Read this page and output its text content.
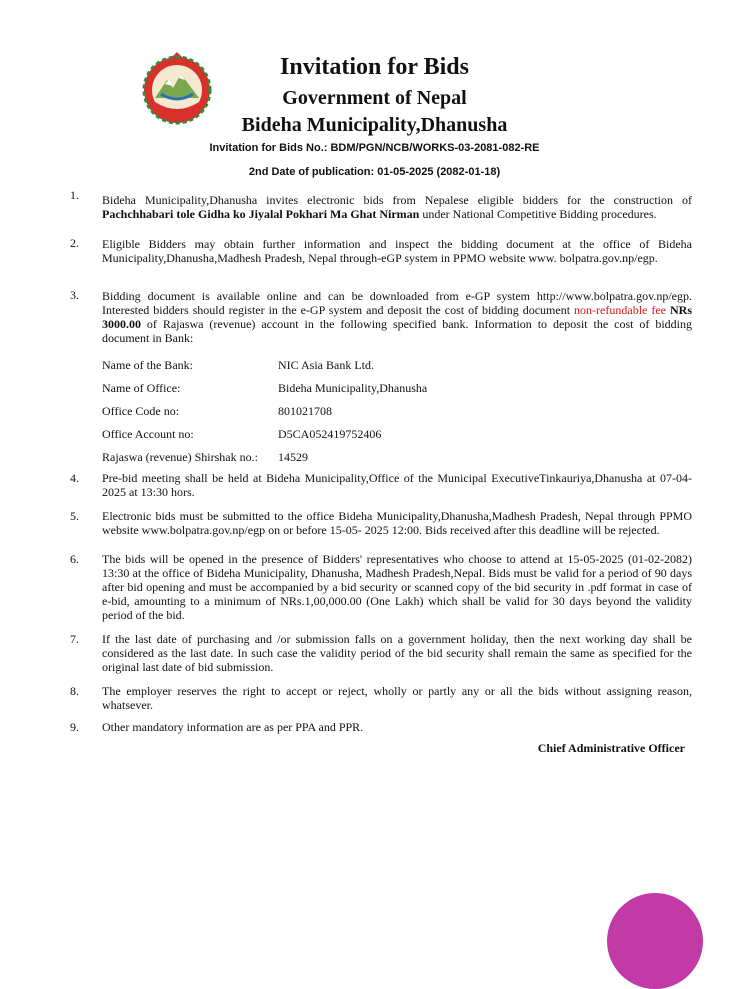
Invitation for Bids
Government of Nepal
Bideha Municipality,Dhanusha
Invitation for Bids No.: BDM/PGN/NCB/WORKS-03-2081-082-RE
2nd Date of publication: 01-05-2025 (2082-01-18)
1. Bideha Municipality,Dhanusha invites electronic bids from Nepalese eligible bidders for the construction of Pachchhabari tole Gidha ko Jiyalal Pokhari Ma Ghat Nirman under National Competitive Bidding procedures.
2. Eligible Bidders may obtain further information and inspect the bidding document at the office of Bideha Municipality,Dhanusha,Madhesh Pradesh, Nepal through-eGP system in PPMO website www. bolpatra.gov.np/egp.
3. Bidding document is available online and can be downloaded from e-GP system http://www.bolpatra.gov.np/egp. Interested bidders should register in the e-GP system and deposit the cost of bidding document non-refundable fee NRs 3000.00 of Rajaswa (revenue) account in the following specified bank. Information to deposit the cost of bidding document in Bank:
Name of the Bank:	NIC Asia Bank Ltd.
Name of Office:	Bideha Municipality,Dhanusha
Office Code no:	801021708
Office Account no:	D5CA052419752406
Rajaswa (revenue) Shirshak no.: 14529
4. Pre-bid meeting shall be held at Bideha Municipality,Office of the Municipal ExecutiveTinkauriya,Dhanusha at 07-04-2025 at 13:30 hors.
5. Electronic bids must be submitted to the office Bideha Municipality,Dhanusha,Madhesh Pradesh, Nepal through PPMO website www.bolpatra.gov.np/egp on or before 15-05- 2025 12:00. Bids received after this deadline will be rejected.
6. The bids will be opened in the presence of Bidders' representatives who choose to attend at 15-05-2025 (01-02-2082) 13:30 at the office of Bideha Municipality, Dhanusha, Madhesh Pradesh,Nepal. Bids must be valid for a period of 90 days after bid opening and must be accompanied by a bid security or scanned copy of the bid security in .pdf format in case of e-bid, amounting to a minimum of NRs.1,00,000.00 (One Lakh) which shall be valid for 30 days beyond the validity period of the bid.
7. If the last date of purchasing and /or submission falls on a government holiday, then the next working day shall be considered as the last date. In such case the validity period of the bid security shall remain the same as specified for the original last date of bid submission.
8. The employer reserves the right to accept or reject, wholly or partly any or all the bids without assigning reason, whatsever.
9. Other mandatory information are as per PPA and PPR.
Chief Administrative Officer
